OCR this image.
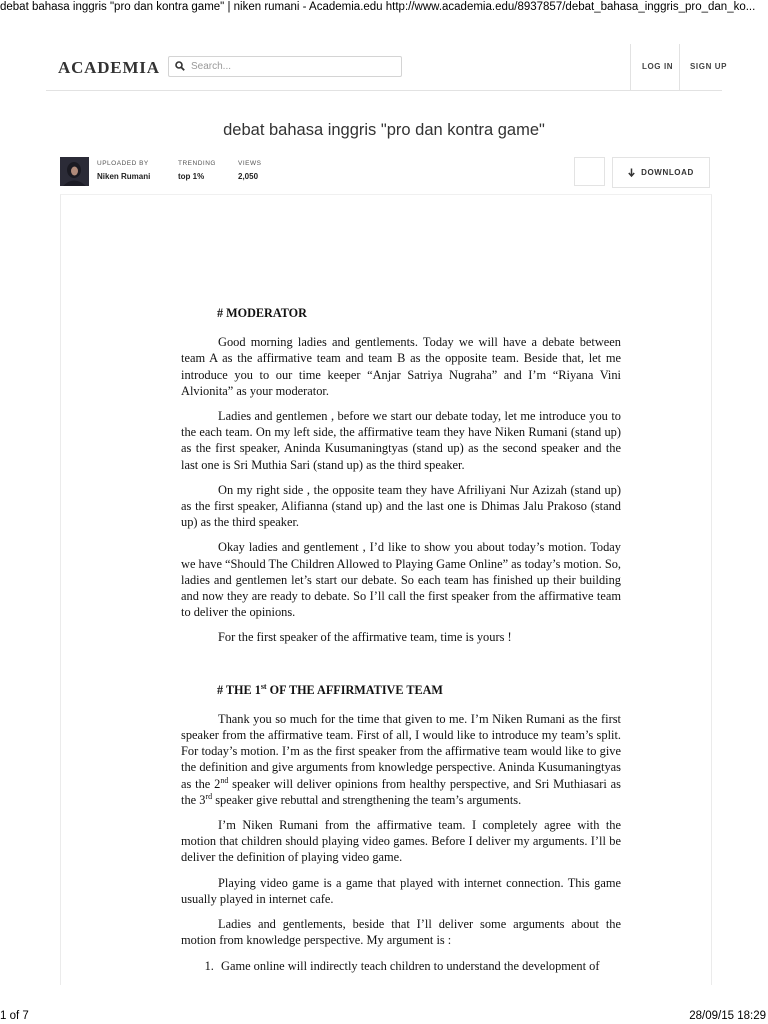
debat bahasa inggris "pro dan kontra game" | niken rumani - Academia.edu http://www.academia.edu/8937857/debat_bahasa_inggris_pro_dan_ko...
ACADEMIA
Search...	LOG IN SIGN UP
debat bahasa inggris "pro dan kontra game"
UPLOADED BY
Niken Rumani
TRENDING
top 1%
VIEWS
2,050	DOWNLOAD
# MODERATOR

Good morning ladies and gentlements. Today we will have a debate between team A as the affirmative team and team B as the opposite team. Beside that, let me introduce you to our time keeper “Anjar Satriya Nugraha” and I’m “Riyana Vini Alvionita” as your moderator.

Ladies and gentlemen , before we start our debate today, let me introduce you to the each team. On my left side, the affirmative team they have Niken Rumani (stand up) as the first speaker, Aninda Kusumaningtyas (stand up) as the second speaker and the last one is Sri Muthia Sari (stand up) as the third speaker.

On my right side , the opposite team they have Afriliyani Nur Azizah (stand up) as the first speaker, Alifianna (stand up) and the last one is Dhimas Jalu Prakoso (stand up) as the third speaker.

Okay ladies and gentlement , I’d like to show you about today’s motion. Today we have “Should The Children Allowed to Playing Game Online” as today’s motion. So, ladies and gentlemen let’s start our debate. So each team has finished up their building and now they are ready to debate. So I’ll call the first speaker from the affirmative team to deliver the opinions.

For the first speaker of the affirmative team, time is yours !

# THE 1st OF THE AFFIRMATIVE TEAM

Thank you so much for the time that given to me. I’m Niken Rumani as the first speaker from the affirmative team. First of all, I would like to introduce my team’s split. For today’s motion. I’m as the first speaker from the affirmative team would like to give the definition and give arguments from knowledge perspective. Aninda Kusumaningtyas as the 2nd speaker will deliver opinions from healthy perspective, and Sri Muthiasari as the 3rd speaker give rebuttal and strengthening the team’s arguments.

I’m Niken Rumani from the affirmative team. I completely agree with the motion that children should playing video games. Before I deliver my arguments. I’ll be deliver the definition of playing video game.

Playing video game is a game that played with internet connection. This game usually played in internet cafe.

Ladies and gentlements, beside that I’ll deliver some arguments about the motion from knowledge perspective. My argument is :

1. Game online will indirectly teach children to understand the development of
1 of 7	28/09/15 18:29
